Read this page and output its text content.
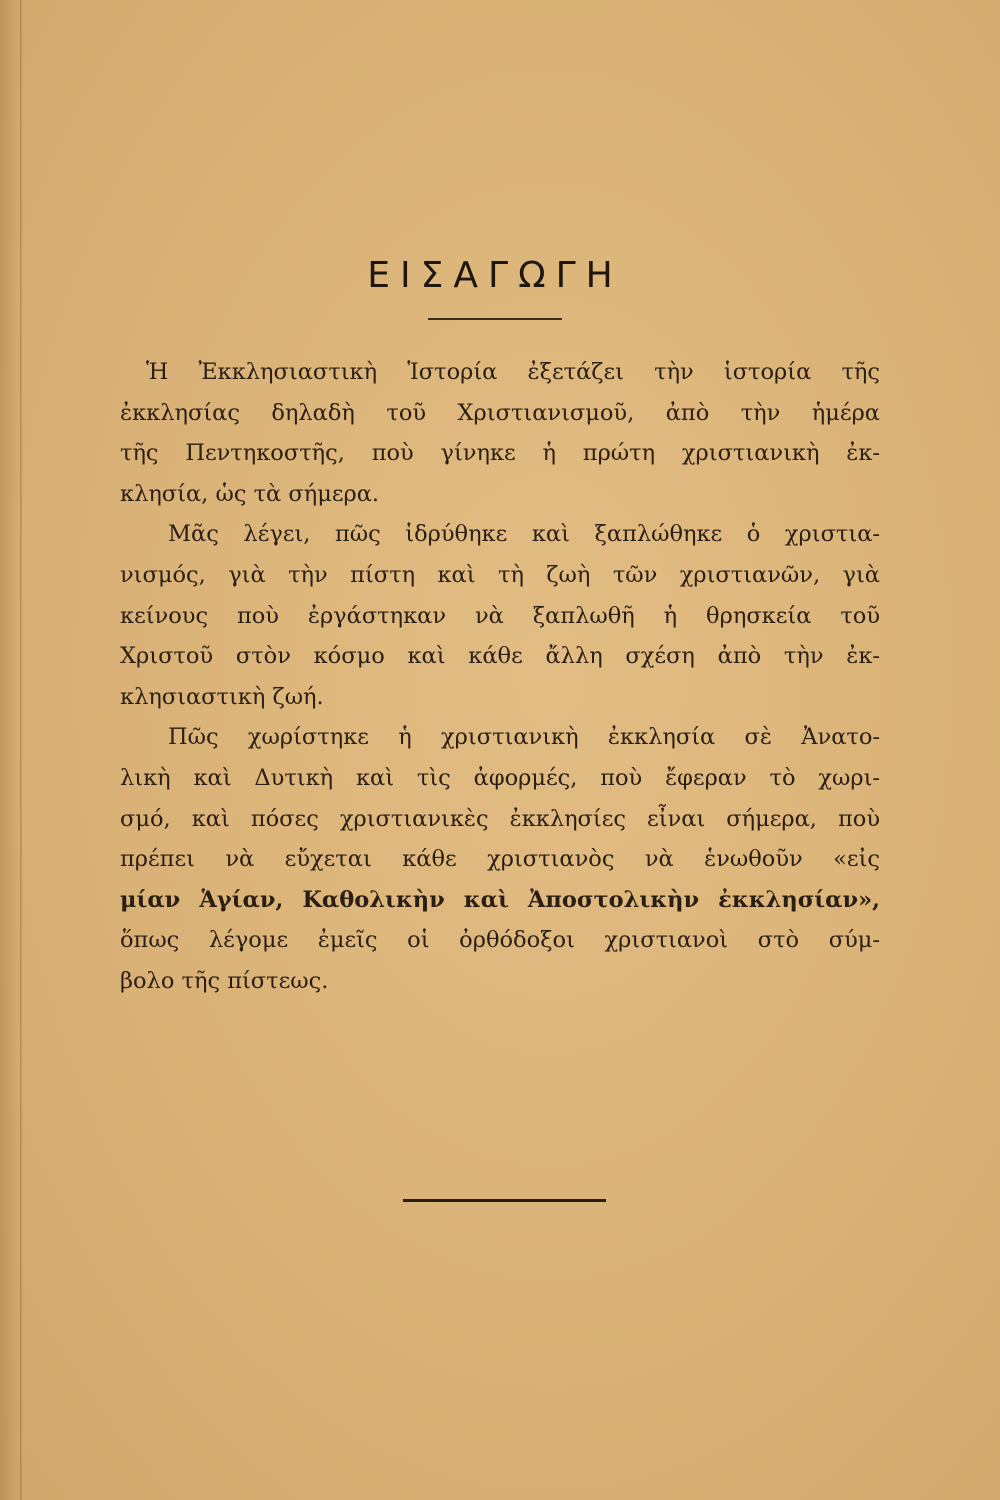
ΕΙΣΑΓΩΓΗ
Ἡ Ἐκκλησιαστικὴ Ἱστορία ἐξετάζει τὴν ἱστορία τῆς
ἐκκλησίας δηλαδὴ τοῦ Χριστιανισμοῦ, ἀπὸ τὴν ἡμέρα
τῆς Πεντηκοστῆς, ποὺ γίνηκε ἡ πρώτη χριστιανικὴ ἐκ-
κλησία, ὡς τὰ σήμερα.
Μᾶς λέγει, πῶς ἱδρύθηκε καὶ ξαπλώθηκε ὁ χριστια-
νισμός, γιὰ τὴν πίστη καὶ τὴ ζωὴ τῶν χριστιανῶν, γιὰ
κείνους ποὺ ἐργάστηκαν νὰ ξαπλωθῆ ἡ θρησκεία τοῦ
Χριστοῦ στὸν κόσμο καὶ κάθε ἄλλη σχέση ἀπὸ τὴν ἐκ-
κλησιαστικὴ ζωή.
Πῶς χωρίστηκε ἡ χριστιανικὴ ἐκκλησία σὲ Ἀνατο-
λικὴ καὶ Δυτικὴ καὶ τὶς ἀφορμές, ποὺ ἔφεραν τὸ χωρι-
σμό, καὶ πόσες χριστιανικὲς ἐκκλησίες εἶναι σήμερα, ποὺ
πρέπει νὰ εὔχεται κάθε χριστιανὸς νὰ ἑνωθοῦν «εἰς
μίαν Ἁγίαν, Καθολικὴν καὶ Ἀποστολικὴν ἐκκλησίαν»,
ὅπως λέγομε ἐμεῖς οἱ ὀρθόδοξοι χριστιανοὶ στὸ σύμ-
βολο τῆς πίστεως.
